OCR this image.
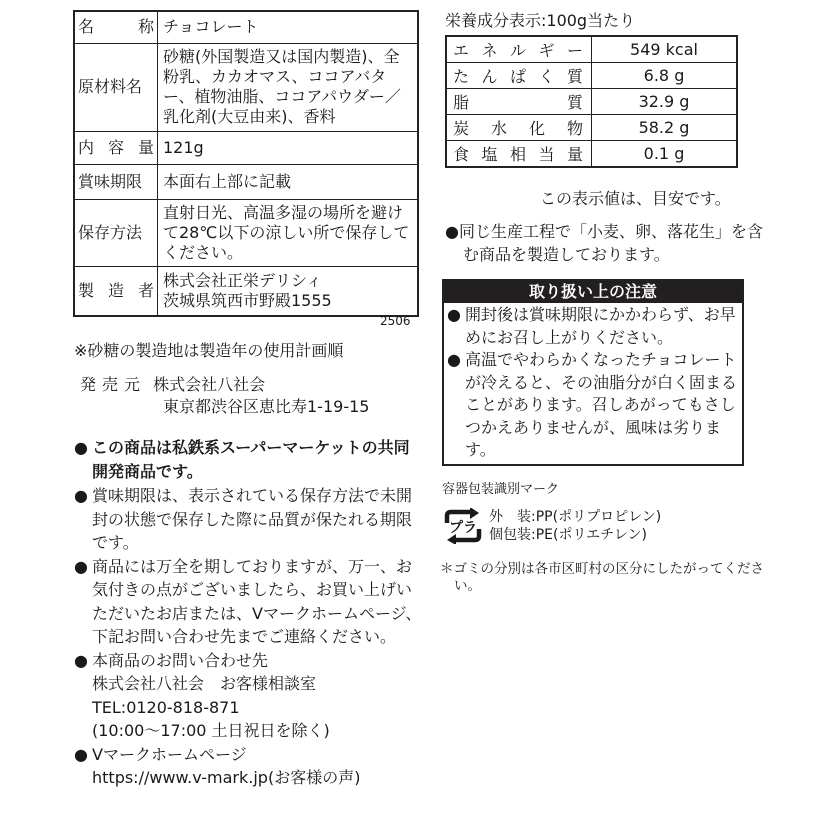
名　　称	チョコレート
原材料名	砂糖(外国製造又は国内製造)、全粉乳、カカオマス、ココアバター、植物油脂、ココアパウダー／乳化剤(大豆由来)、香料
内 容 量	121g
賞味期限	本面右上部に記載
保存方法	直射日光、高温多湿の場所を避けて28℃以下の涼しい所で保存してください。
製 造 者	株式会社正栄デリシィ
茨城県筑西市野殿1555
2506
※砂糖の製造地は製造年の使用計画順
発売元 株式会社八社会
東京都渋谷区恵比寿1-19-15
● この商品は私鉄系スーパーマーケットの共同開発商品です。
● 賞味期限は、表示されている保存方法で未開封の状態で保存した際に品質が保たれる期限です。
● 商品には万全を期しておりますが、万一、お気付きの点がございましたら、お買い上げいただいたお店または、Vマークホームページ、下記お問い合わせ先までご連絡ください。
● 本商品のお問い合わせ先
株式会社八社会　お客様相談室
TEL:0120-818-871
(10:00～17:00 土日祝日を除く)
● Vマークホームページ
https://www.v-mark.jp(お客様の声)
栄養成分表示:100g当たり
エネルギー	549 kcal
たんぱく質	6.8 g
脂質	32.9 g
炭水化物	58.2 g
食塩相当量	0.1 g
この表示値は、目安です。
●同じ生産工程で「小麦、卵、落花生」を含む商品を製造しております。
取り扱い上の注意
● 開封後は賞味期限にかかわらず、お早めにお召し上がりください。
● 高温でやわらかくなったチョコレートが冷えると、その油脂分が白く固まることがあります。召しあがってもさしつかえありませんが、風味は劣ります。
容器包装識別マーク
プラ
外　装:PP(ポリプロピレン)
個包装:PE(ポリエチレン)
＊ゴミの分別は各市区町村の区分にしたがってください。
